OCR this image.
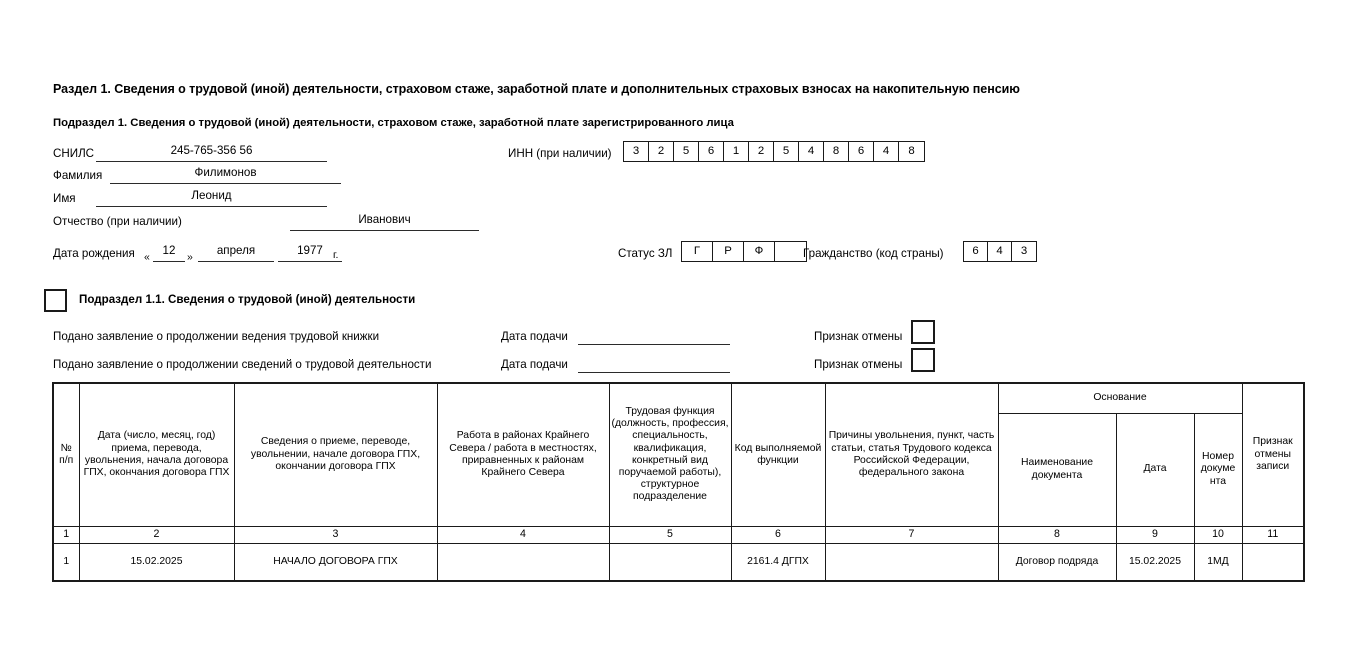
Раздел 1. Сведения о трудовой (иной) деятельности, страховом стаже, заработной плате и дополнительных страховых взносах на накопительную пенсию
Подраздел 1. Сведения о трудовой (иной) деятельности, страховом стаже, заработной плате зарегистрированного лица
СНИЛС	245-765-356 56	ИНН (при наличии)	3	2	5	6	1	2	5	4	8	6	4	8
Фамилия	Филимонов
Имя	Леонид
Отчество (при наличии)	Иванович
Дата рождения «	12	»	апреля	1977 г.	Статус ЗЛ	Г	Р	Ф	Гражданство (код страны)	6	4	3
Подраздел 1.1. Сведения о трудовой (иной) деятельности
Подано заявление о продолжении ведения трудовой книжки	Дата подачи	Признак отмены
Подано заявление о продолжении сведений о трудовой деятельности	Дата подачи	Признак отмены
№
п/п	Дата (число, месяц, год) приема, перевода, увольнения, начала договора ГПХ, окончания договора ГПХ	Сведения о приеме, переводе, увольнении, начале договора ГПХ, окончании договора ГПХ	Работа в районах Крайнего Севера / работа в местностях, приравненных к районам Крайнего Севера	Трудовая функция (должность, профессия, специальность, квалификация, конкретный вид поручаемой работы), структурное подразделение	Код выполняемой функции	Причины увольнения, пункт, часть статьи, статья Трудового кодекса Российской Федерации, федерального закона	Основание			Признак отмены записи
							Наименование документа	Дата	Номер докуме нта	
1	2	3	4	5	6	7	8	9	10	11
1	15.02.2025	НАЧАЛО ДОГОВОРА ГПХ			2161.4 ДГПХ		Договор подряда	15.02.2025	1МД	
